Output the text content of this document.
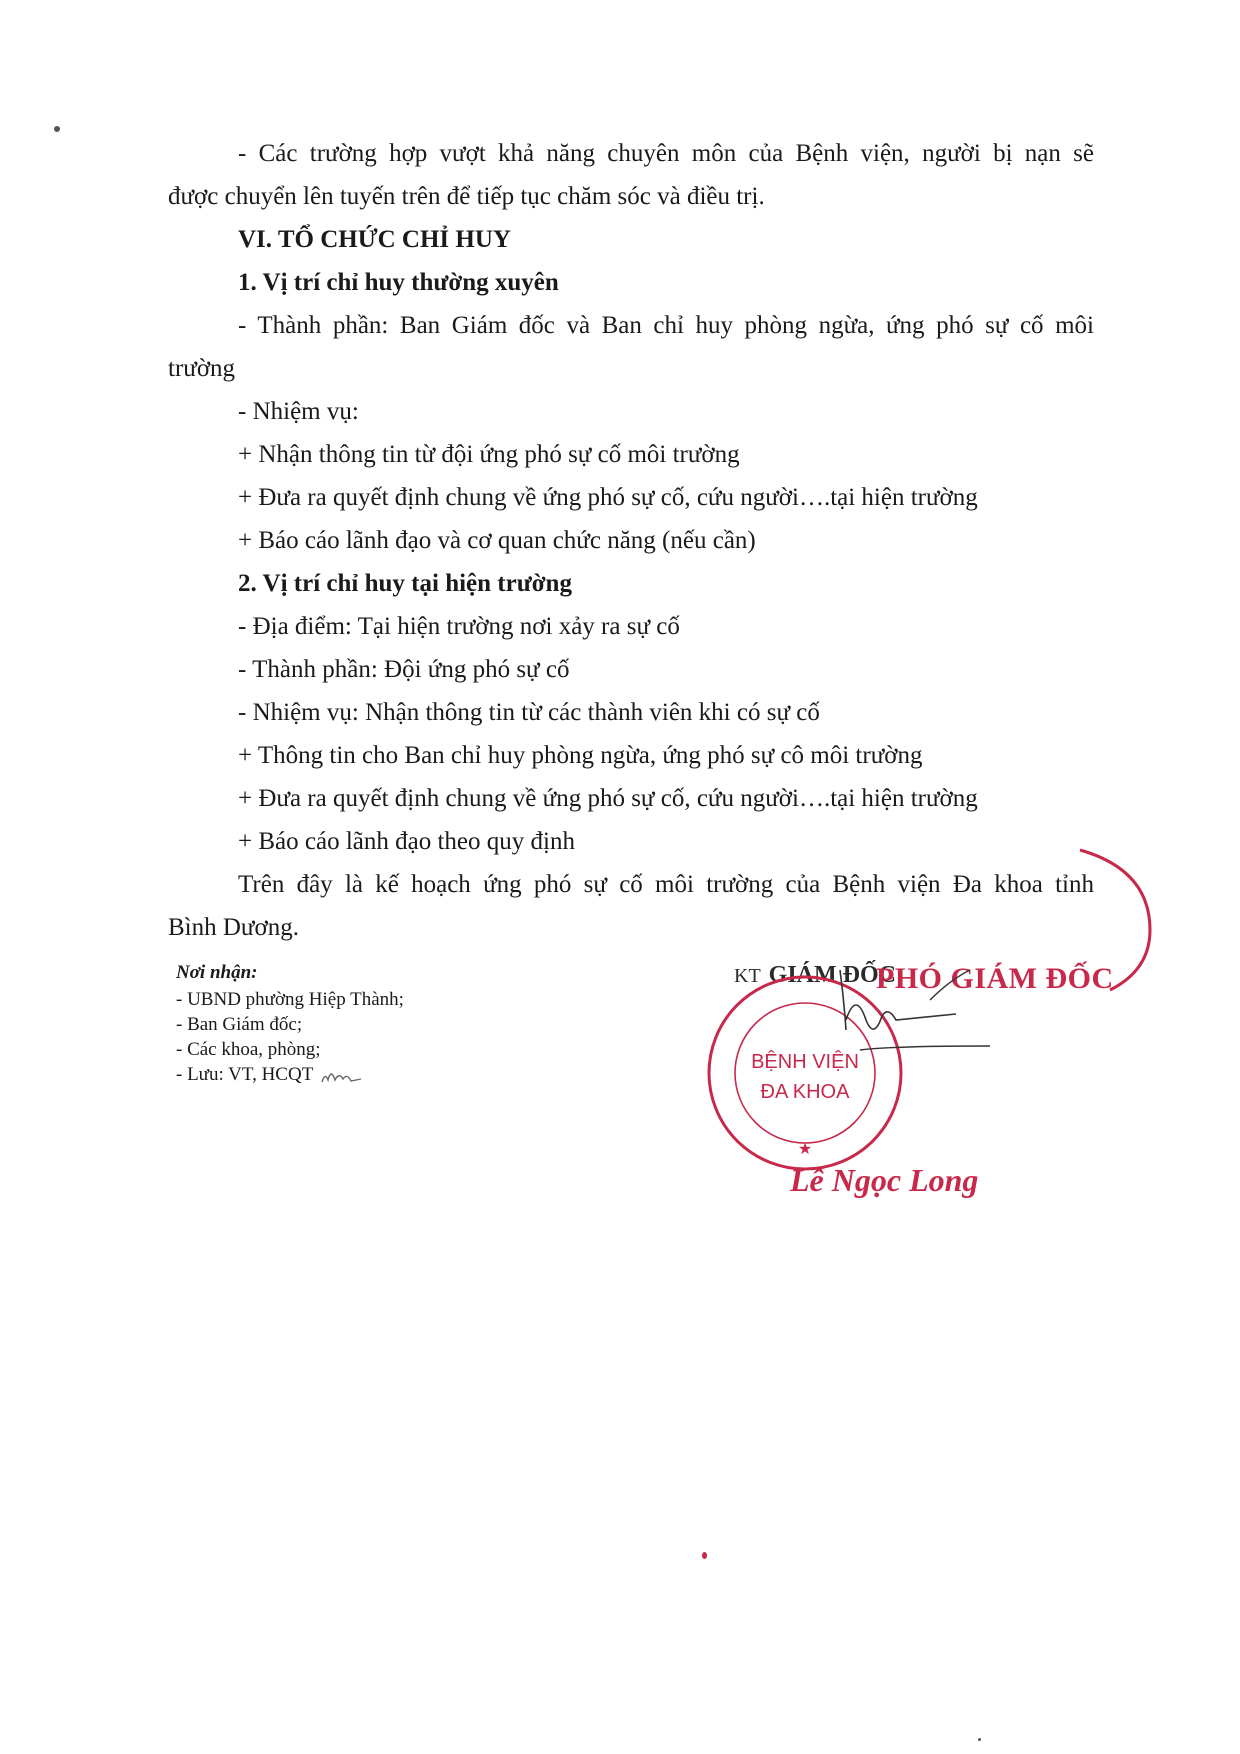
- Các trường hợp vượt khả năng chuyên môn của Bệnh viện, người bị nạn sẽ
được chuyển lên tuyến trên để tiếp tục chăm sóc và điều trị.
VI. TỔ CHỨC CHỈ HUY
1. Vị trí chỉ huy thường xuyên
- Thành phần: Ban Giám đốc và Ban chỉ huy phòng ngừa, ứng phó sự cố môi
trường
- Nhiệm vụ:
+ Nhận thông tin từ đội ứng phó sự cố môi trường
+ Đưa ra quyết định chung về ứng phó sự cố, cứu người….tại hiện trường
+ Báo cáo lãnh đạo và cơ quan chức năng (nếu cần)
2. Vị trí chỉ huy tại hiện trường
- Địa điểm: Tại hiện trường nơi xảy ra sự cố
- Thành phần: Đội ứng phó sự cố
- Nhiệm vụ: Nhận thông tin từ các thành viên khi có sự cố
+ Thông tin cho Ban chỉ huy phòng ngừa, ứng phó sự cô môi trường
+ Đưa ra quyết định chung về ứng phó sự cố, cứu người….tại hiện trường
+ Báo cáo lãnh đạo theo quy định
Trên đây là kế hoạch ứng phó sự cố môi trường của Bệnh viện Đa khoa tỉnh
Bình Dương.
Nơi nhận:
- UBND phường Hiệp Thành;
- Ban Giám đốc;
- Các khoa, phòng;
- Lưu: VT, HCQT
KT GIÁM ĐỐC
PHÓ GIÁM ĐỐC
BỆNH VIỆN
ĐA KHOA
★
Lê Ngọc Long
